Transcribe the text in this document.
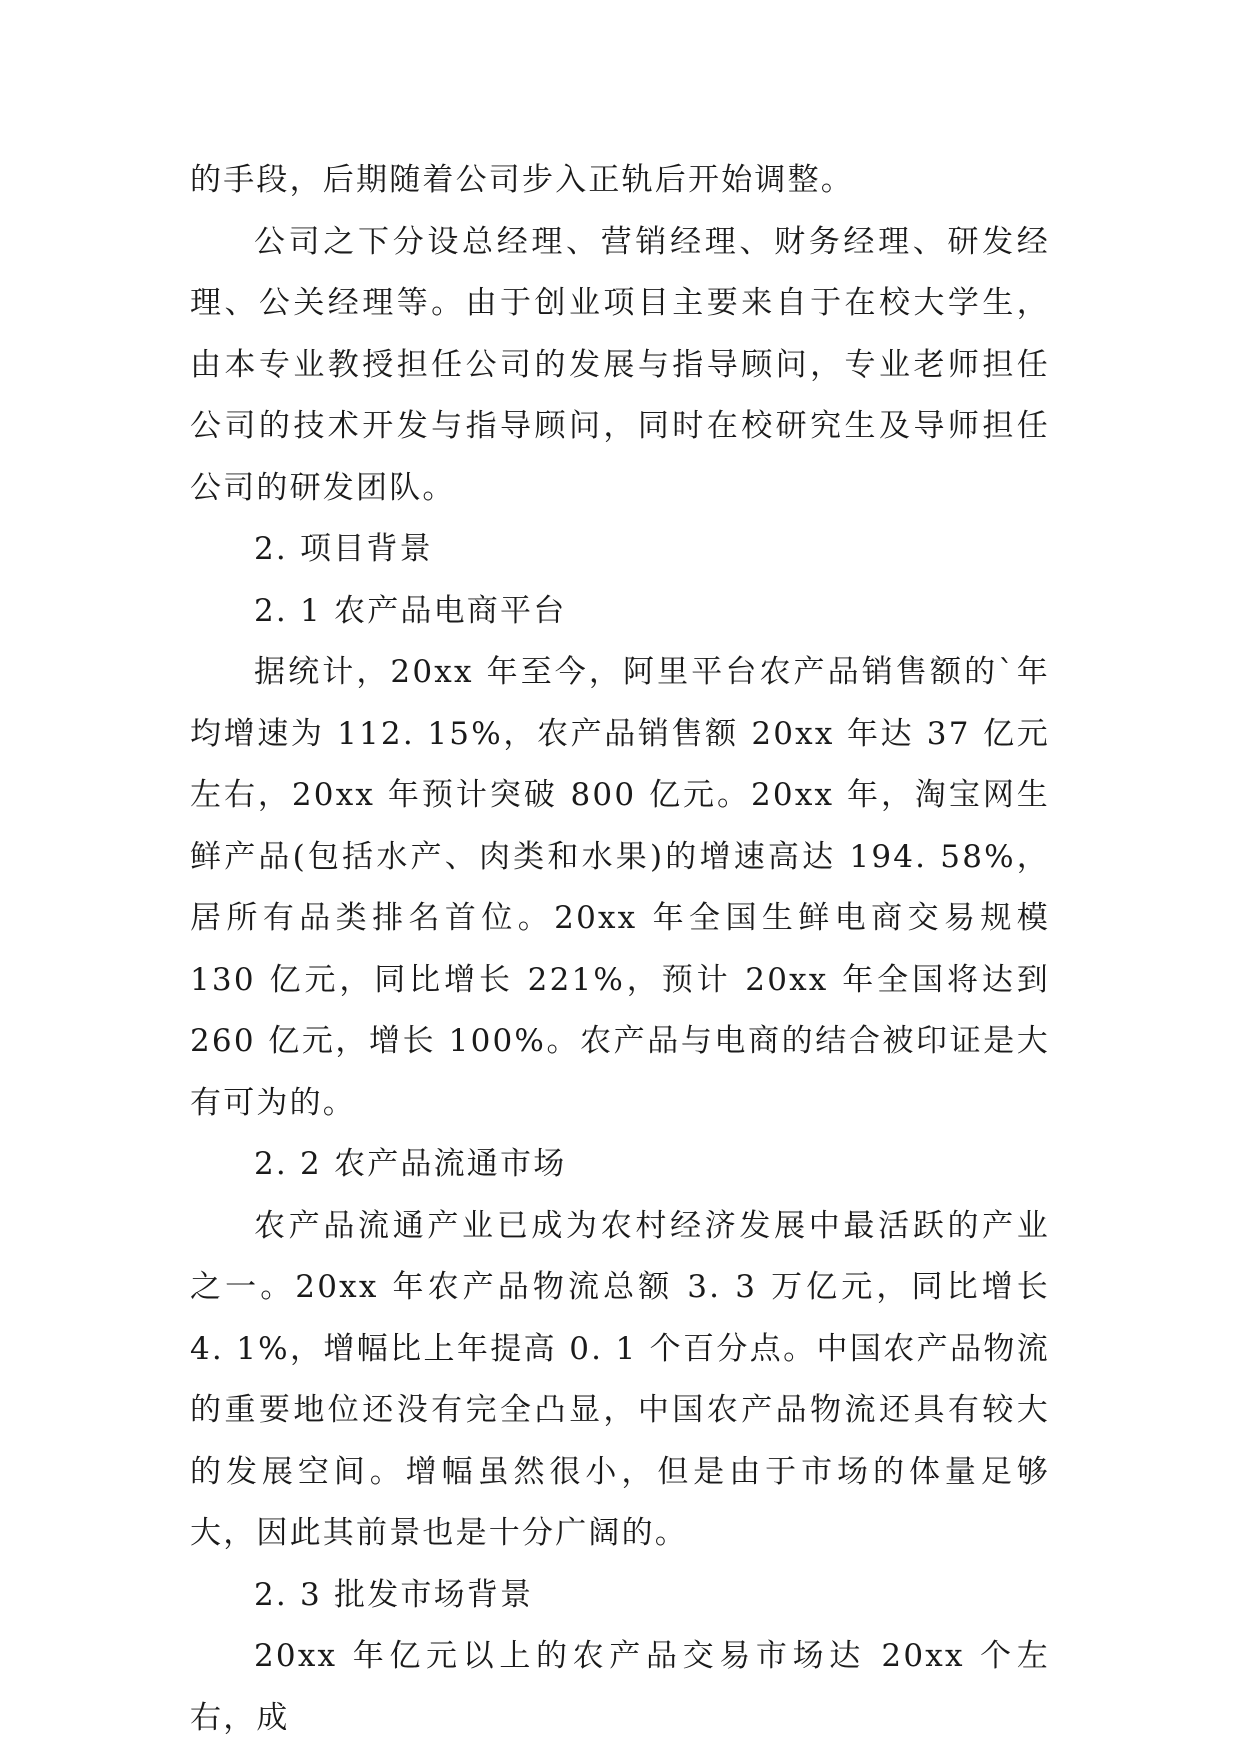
的手段，后期随着公司步入正轨后开始调整。

公司之下分设总经理、营销经理、财务经理、研发经理、公关经理等。由于创业项目主要来自于在校大学生，由本专业教授担任公司的发展与指导顾问，专业老师担任公司的技术开发与指导顾问，同时在校研究生及导师担任公司的研发团队。

2. 项目背景

2. 1 农产品电商平台

据统计，20xx 年至今，阿里平台农产品销售额的`年均增速为 112. 15%，农产品销售额 20xx 年达 37 亿元左右，20xx 年预计突破 800 亿元。20xx 年，淘宝网生鲜产品(包括水产、肉类和水果)的增速高达 194. 58%，居所有品类排名首位。20xx 年全国生鲜电商交易规模 130 亿元，同比增长 221%，预计 20xx 年全国将达到 260 亿元，增长 100%。农产品与电商的结合被印证是大有可为的。

2. 2 农产品流通市场

农产品流通产业已成为农村经济发展中最活跃的产业之一。20xx 年农产品物流总额 3. 3 万亿元，同比增长 4. 1%，增幅比上年提高 0. 1 个百分点。中国农产品物流的重要地位还没有完全凸显，中国农产品物流还具有较大的发展空间。增幅虽然很小，但是由于市场的体量足够大，因此其前景也是十分广阔的。

2. 3 批发市场背景

20xx 年亿元以上的农产品交易市场达 20xx 个左右，成
